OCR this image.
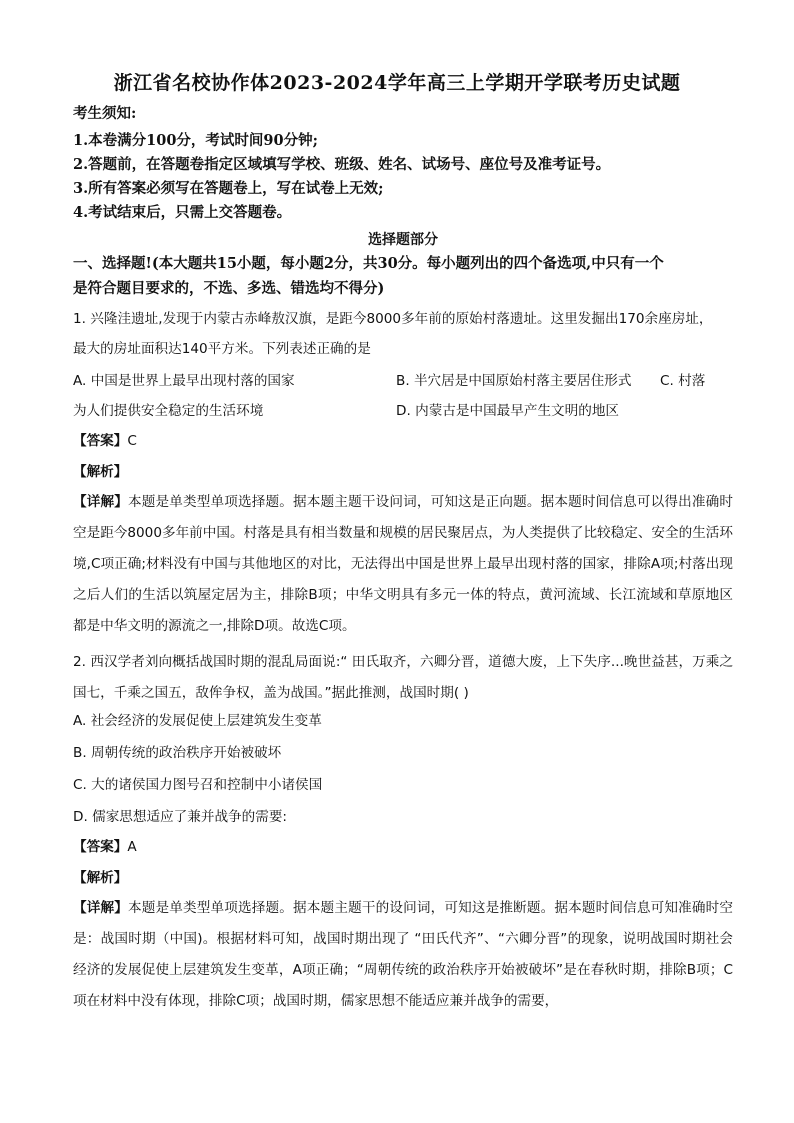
浙江省名校协作体2023-2024学年高三上学期开学联考历史试题
考生须知:
1.本卷满分100分，考试时间90分钟;
2.答题前，在答题卷指定区域填写学校、班级、姓名、试场号、座位号及准考证号。
3.所有答案必须写在答题卷上，写在试卷上无效;
4.考试结束后，只需上交答题卷。
选择题部分
一、选择题!(本大题共15小题，每小题2分，共30分。每小题列出的四个备选项,中只有一个
是符合题目要求的，不选、多选、错选均不得分)
1. 兴隆洼遗址,发现于内蒙古赤峰敖汉旗，是距今8000多年前的原始村落遗址。这里发掘出170余座房址，
最大的房址面积达140平方米。下列表述正确的是
A. 中国是世界上最早出现村落的国家	B. 半穴居是中国原始村落主要居住形式 C. 村落
为人们提供安全稳定的生活环境	D. 内蒙古是中国最早产生文明的地区
【答案】C
【解析】

【详解】本题是单类型单项选择题。据本题主题干设问词，可知这是正向题。据本题时间信息可以得出准确时空是距今8000多年前中国。村落是具有相当数量和规模的居民聚居点，为人类提供了比较稳定、安全的生活环境,C项正确;材料没有中国与其他地区的对比，无法得出中国是世界上最早出现村落的国家，排除A项;村落出现之后人们的生活以筑屋定居为主，排除B项；中华文明具有多元一体的特点，黄河流域、长江流域和草原地区都是中华文明的源流之一,排除D项。故选C项。

2. 西汉学者刘向概括战国时期的混乱局面说:“ 田氏取齐，六卿分晋，道德大废，上下失序...晚世益甚，万乘之国七，千乘之国五，敌侔争权，盖为战国。”据此推测，战国时期( )

A. 社会经济的发展促使上层建筑发生变革
B. 周朝传统的政治秩序开始被破坏
C. 大的诸侯国力图号召和控制中小诸侯国
D. 儒家思想适应了兼并战争的需要:
【答案】A
【解析】

【详解】本题是单类型单项选择题。据本题主题干的设问词，可知这是推断题。据本题时间信息可知准确时空是：战国时期（中国)。根据材料可知，战国时期出现了 “田氏代齐”、“六卿分晋”的现象，说明战国时期社会经济的发展促使上层建筑发生变革，A项正确；“周朝传统的政治秩序开始被破坏”是在春秋时期，排除B项；C项在材料中没有体现，排除C项；战国时期，儒家思想不能适应兼并战争的需要，
